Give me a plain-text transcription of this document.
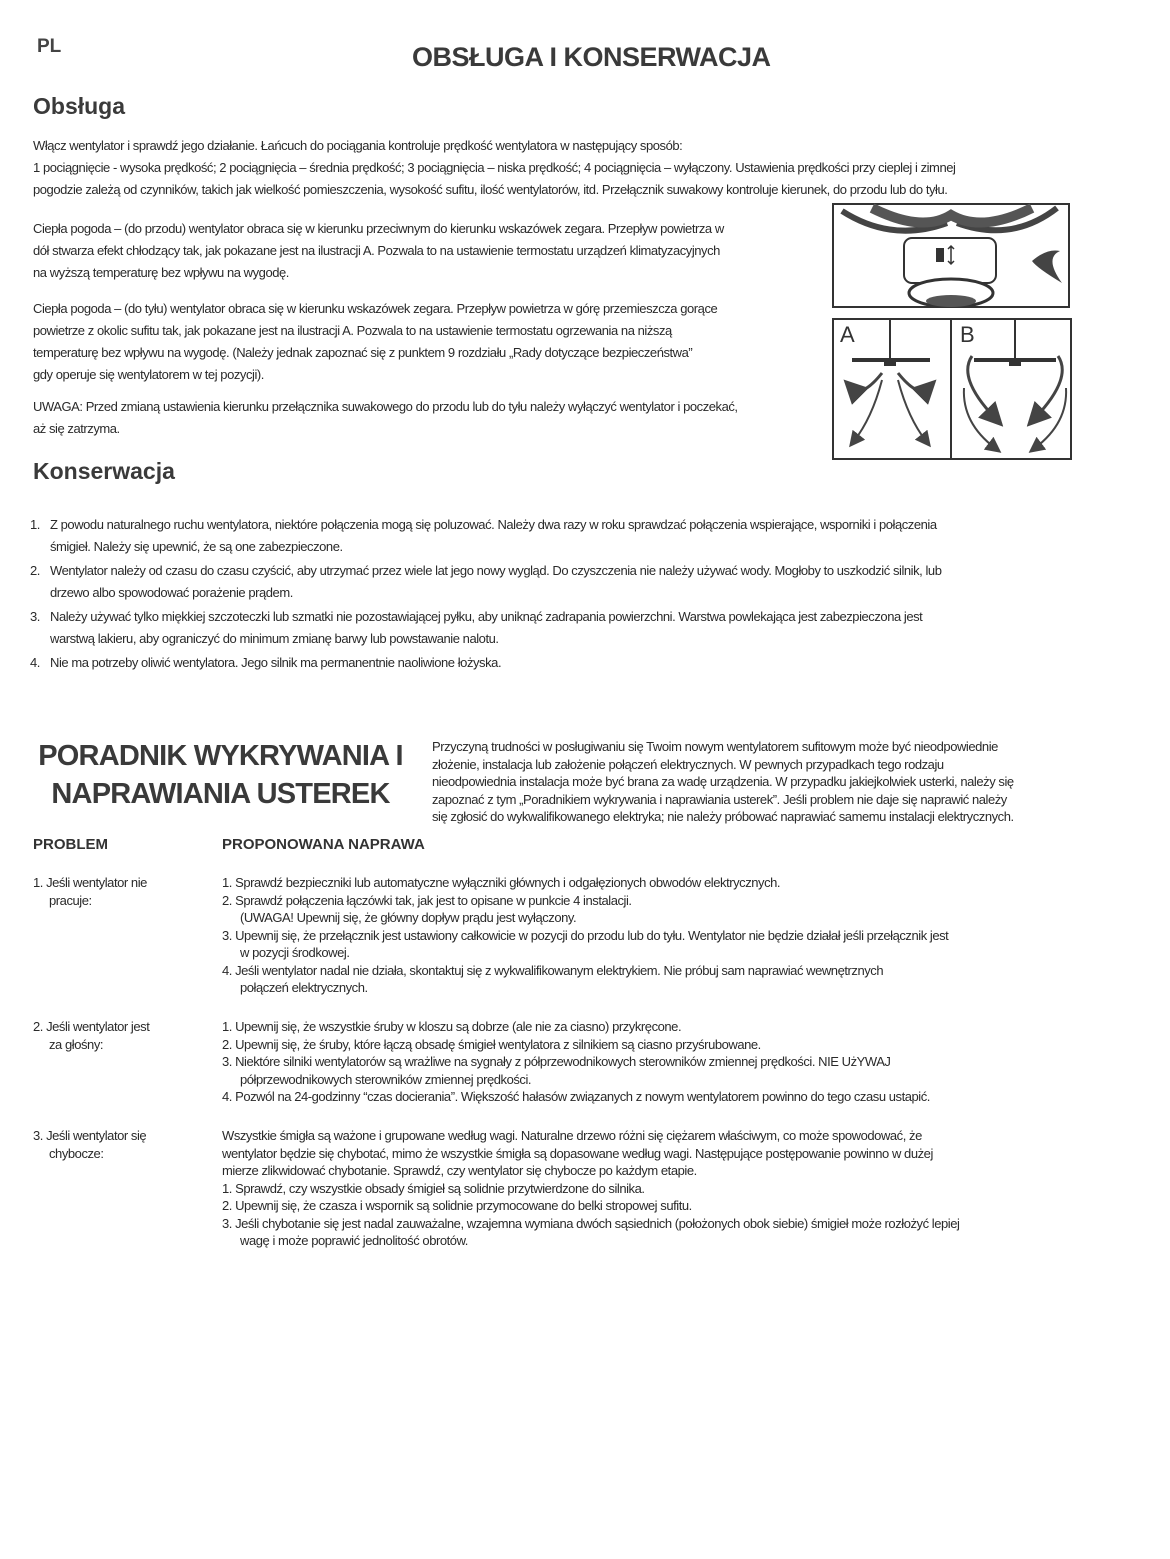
PL	OBSŁUGA I KONSERWACJA
Obsługa
Włącz wentylator i sprawdź jego działanie. Łańcuch do pociągania kontroluje prędkość wentylatora w następujący sposób:
1 pociągnięcie - wysoka prędkość; 2 pociągnięcia – średnia prędkość; 3 pociągnięcia – niska prędkość; 4 pociągnięcia – wyłączony. Ustawienia prędkości przy cieplej i zimnej
pogodzie zależą od czynników, takich jak wielkość pomieszczenia, wysokość sufitu, ilość wentylatorów, itd. Przełącznik suwakowy kontroluje kierunek, do przodu lub do tyłu.
Ciepła pogoda – (do przodu) wentylator obraca się w kierunku przeciwnym do kierunku wskazówek zegara. Przepływ powietrza w
dół stwarza efekt chłodzący tak, jak pokazane jest na ilustracji A. Pozwala to na ustawienie termostatu urządzeń klimatyzacyjnych
na wyższą temperaturę bez wpływu na wygodę.
Ciepła pogoda – (do tyłu) wentylator obraca się w kierunku wskazówek zegara. Przepływ powietrza w górę przemieszcza gorące
powietrze z okolic sufitu tak, jak pokazane jest na ilustracji A. Pozwala to na ustawienie termostatu ogrzewania na niższą
temperaturę bez wpływu na wygodę. (Należy jednak zapoznać się z punktem 9 rozdziału „Rady dotyczące bezpieczeństwa”
gdy operuje się wentylatorem w tej pozycji).
UWAGA: Przed zmianą ustawienia kierunku przełącznika suwakowego do przodu lub do tyłu należy wyłączyć wentylator i poczekać,
aż się zatrzyma.
A	B
Konserwacja
1. Z powodu naturalnego ruchu wentylatora, niektóre połączenia mogą się poluzować. Należy dwa razy w roku sprawdzać połączenia wspierające, wsporniki i połączenia
śmigieł. Należy się upewnić, że są one zabezpieczone.
2. Wentylator należy od czasu do czasu czyścić, aby utrzymać przez wiele lat jego nowy wygląd. Do czyszczenia nie należy używać wody. Mogłoby to uszkodzić silnik, lub
drzewo albo spowodować porażenie prądem.
3. Należy używać tylko miękkiej szczoteczki lub szmatki nie pozostawiającej pyłku, aby uniknąć zadrapania powierzchni. Warstwa powlekająca jest zabezpieczona jest
warstwą lakieru, aby ograniczyć do minimum zmianę barwy lub powstawanie nalotu.
4. Nie ma potrzeby oliwić wentylatora. Jego silnik ma permanentnie naoliwione łożyska.
PORADNIK WYKRYWANIA I
NAPRAWIANIA USTEREK
Przyczyną trudności w posługiwaniu się Twoim nowym wentylatorem sufitowym może być nieodpowiednie
złożenie, instalacja lub założenie połączeń elektrycznych. W pewnych przypadkach tego rodzaju
nieodpowiednia instalacja może być brana za wadę urządzenia. W przypadku jakiejkolwiek usterki, należy się
zapoznać z tym „Poradnikiem wykrywania i naprawiania usterek”. Jeśli problem nie daje się naprawić należy
się zgłosić do wykwalifikowanego elektryka; nie należy próbować naprawiać samemu instalacji elektrycznych.
PROBLEM	PROPONOWANA NAPRAWA
1. Jeśli wentylator nie
pracuje:
1. Sprawdź bezpieczniki lub automatyczne wyłączniki głównych i odgałęzionych obwodów elektrycznych.
2. Sprawdź połączenia łączówki tak, jak jest to opisane w punkcie 4 instalacji.
(UWAGA! Upewnij się, że główny dopływ prądu jest wyłączony.
3. Upewnij się, że przełącznik jest ustawiony całkowicie w pozycji do przodu lub do tyłu. Wentylator nie będzie działał jeśli przełącznik jest
w pozycji środkowej.
4. Jeśli wentylator nadal nie działa, skontaktuj się z wykwalifikowanym elektrykiem. Nie próbuj sam naprawiać wewnętrznych
połączeń elektrycznych.
2. Jeśli wentylator jest
za głośny:
1. Upewnij się, że wszystkie śruby w kloszu są dobrze (ale nie za ciasno) przykręcone.
2. Upewnij się, że śruby, które łączą obsadę śmigieł wentylatora z silnikiem są ciasno przyśrubowane.
3. Niektóre silniki wentylatorów są wrażliwe na sygnały z półprzewodnikowych sterowników zmiennej prędkości. NIE UżYWAJ
półprzewodnikowych sterowników zmiennej prędkości.
4. Pozwól na 24-godzinny “czas docierania”. Większość hałasów związanych z nowym wentylatorem powinno do tego czasu ustapić.
3. Jeśli wentylator się
chybocze:
Wszystkie śmigła są ważone i grupowane według wagi. Naturalne drzewo różni się ciężarem właściwym, co może spowodować, że
wentylator będzie się chybotać, mimo że wszystkie śmigła są dopasowane według wagi. Następujące postępowanie powinno w dużej
mierze zlikwidować chybotanie. Sprawdź, czy wentylator się chybocze po każdym etapie.
1. Sprawdź, czy wszystkie obsady śmigieł są solidnie przytwierdzone do silnika.
2. Upewnij się, że czasza i wspornik są solidnie przymocowane do belki stropowej sufitu.
3. Jeśli chybotanie się jest nadal zauważalne, wzajemna wymiana dwóch sąsiednich (położonych obok siebie) śmigieł może rozłożyć lepiej
wagę i może poprawić jednolitość obrotów.
